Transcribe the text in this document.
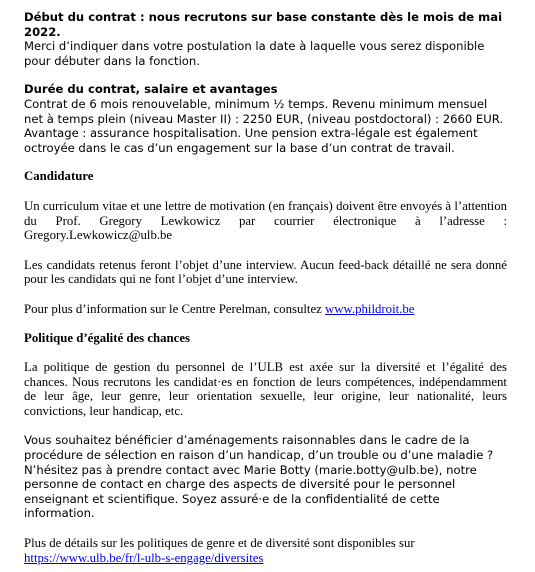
Début du contrat : nous recrutons sur base constante dès le mois de mai 2022.

Merci d’indiquer dans votre postulation la date à laquelle vous serez disponible pour débuter dans la fonction.

Durée du contrat, salaire et avantages

Contrat de 6 mois renouvelable, minimum ½ temps. Revenu minimum mensuel net à temps plein (niveau Master II) : 2250 EUR, (niveau postdoctoral) : 2660 EUR.

Avantage : assurance hospitalisation. Une pension extra-légale est également octroyée dans le cas d’un engagement sur la base d’un contrat de travail.

Candidature

Un curriculum vitae et une lettre de motivation (en français) doivent être envoyés à l’attention du Prof. Gregory Lewkowicz par courrier électronique à l’adresse : Gregory.Lewkowicz@ulb.be

Les candidats retenus feront l’objet d’une interview. Aucun feed-back détaillé ne sera donné pour les candidats qui ne font l’objet d’une interview.

Pour plus d’information sur le Centre Perelman, consultez www.phildroit.be

Politique d’égalité des chances

La politique de gestion du personnel de l’ULB est axée sur la diversité et l’égalité des chances. Nous recrutons les candidat·es en fonction de leurs compétences, indépendamment de leur âge, leur genre, leur orientation sexuelle, leur origine, leur nationalité, leurs convictions, leur handicap, etc.

Vous souhaitez bénéficier d’aménagements raisonnables dans le cadre de la procédure de sélection en raison d’un handicap, d’un trouble ou d’une maladie ? N’hésitez pas à prendre contact avec Marie Botty (marie.botty@ulb.be), notre personne de contact en charge des aspects de diversité pour le personnel enseignant et scientifique. Soyez assuré·e de la confidentialité de cette information.

Plus de détails sur les politiques de genre et de diversité sont disponibles sur
https://www.ulb.be/fr/l-ulb-s-engage/diversites
